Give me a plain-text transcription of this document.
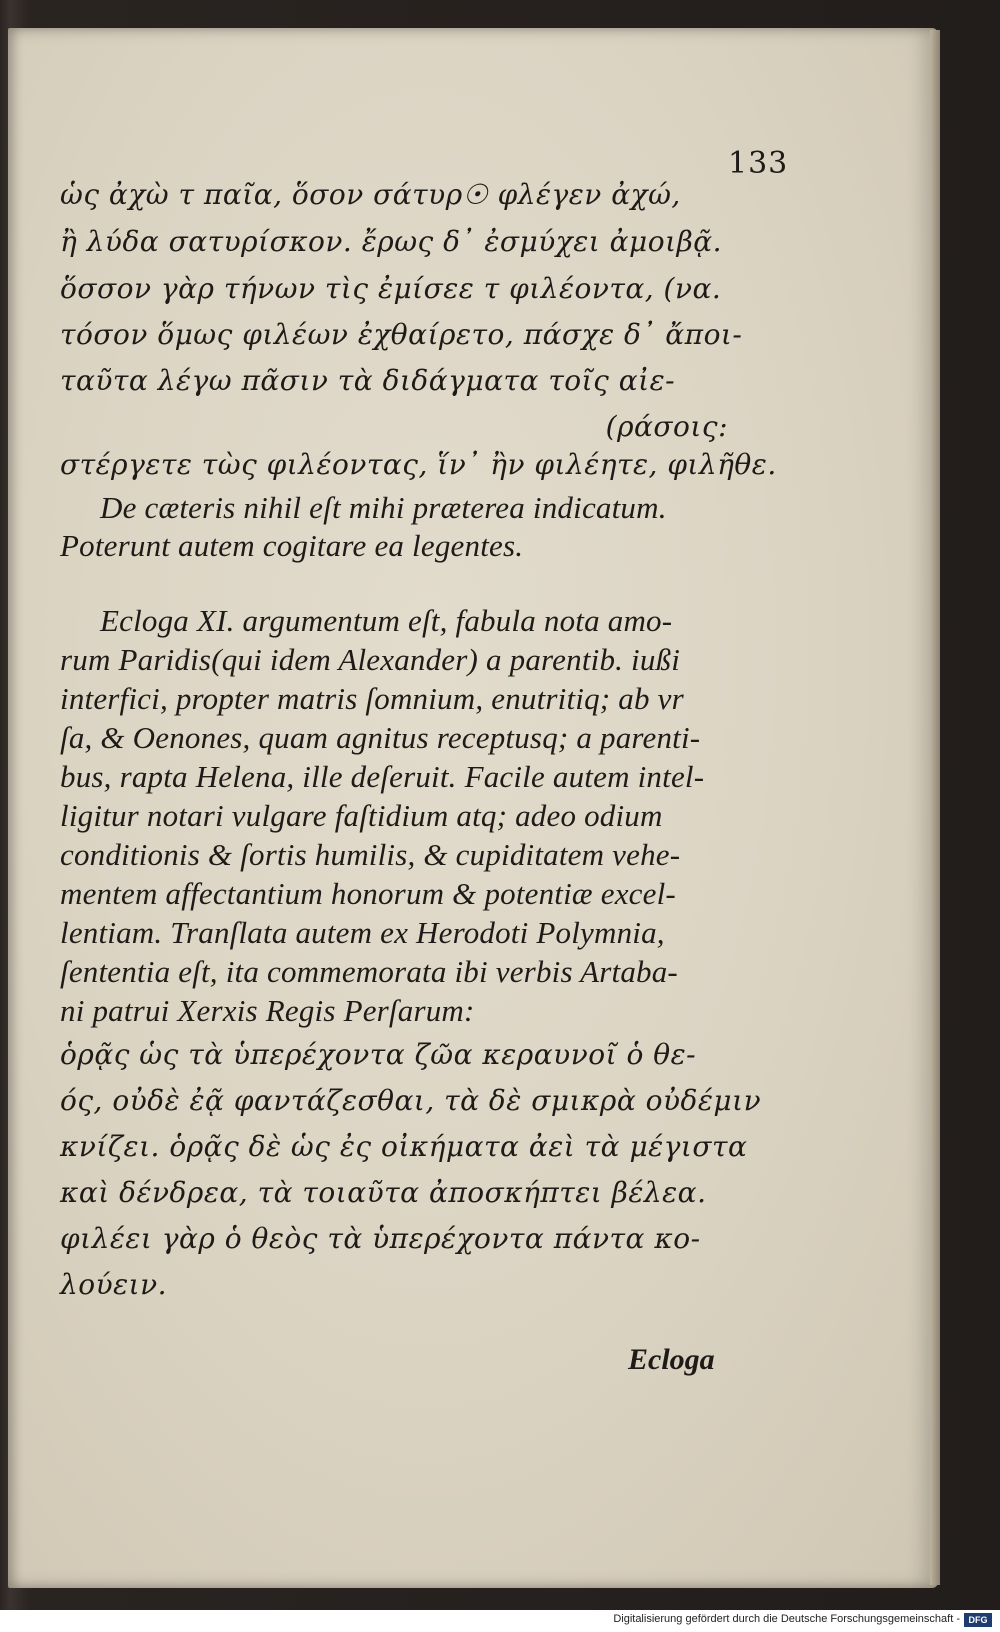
133
ὡς ἀχὼ τ παῖα, ὅσον σάτυρ☉ φλέγεν ἀχώ,
ἢ λύδα σατυρίσκον. ἔρως δ᾽ ἐσμύχει ἀμοιβᾷ.
ὅσσον γὰρ τήνων τὶς ἐμίσεε τ φιλέοντα, (να.
τόσον ὅμως φιλέων ἐχθαίρετο, πάσχε δ᾽ ἄποι-
ταῦτα λέγω πᾶσιν τὰ διδάγματα τοῖς αἰε-
(ράσοις:
στέργετε τὼς φιλέοντας, ἵν᾽ ἢν φιλέητε, φιλῆθε.
De cæteris nihil eſt mihi præterea indicatum.
Poterunt autem cogitare ea legentes.
Ecloga XI. argumentum eſt, fabula nota amo-
rum Paridis(qui idem Alexander) a parentib. iußi
interfici, propter matris ſomnium, enutritiq; ab vr
ſa, & Oenones, quam agnitus receptusq; a parenti-
bus, rapta Helena, ille deſeruit. Facile autem intel-
ligitur notari vulgare faſtidium atq; adeo odium
conditionis & ſortis humilis, & cupiditatem vehe-
mentem affectantium honorum & potentiæ excel-
lentiam. Tranſlata autem ex Herodoti Polymnia,
ſententia eſt, ita commemorata ibi verbis Artaba-
ni patrui Xerxis Regis Perſarum:
ὁρᾷς ὡς τὰ ὑπερέχοντα ζῶα κεραυνοῖ ὁ θε-
ός, οὐδὲ ἐᾷ φαντάζεσθαι, τὰ δὲ σμικρὰ οὐδέμιν
κνίζει. ὁρᾷς δὲ ὡς ἐς οἰκήματα ἀεὶ τὰ μέγιστα
καὶ δένδρεα, τὰ τοιαῦτα ἀποσκήπτει βέλεα.
φιλέει γὰρ ὁ θεὸς τὰ ὑπερέχοντα πάντα κο-
λούειν.
Ecloga
Digitalisierung gefördert durch die Deutsche Forschungsgemeinschaft - DFG
